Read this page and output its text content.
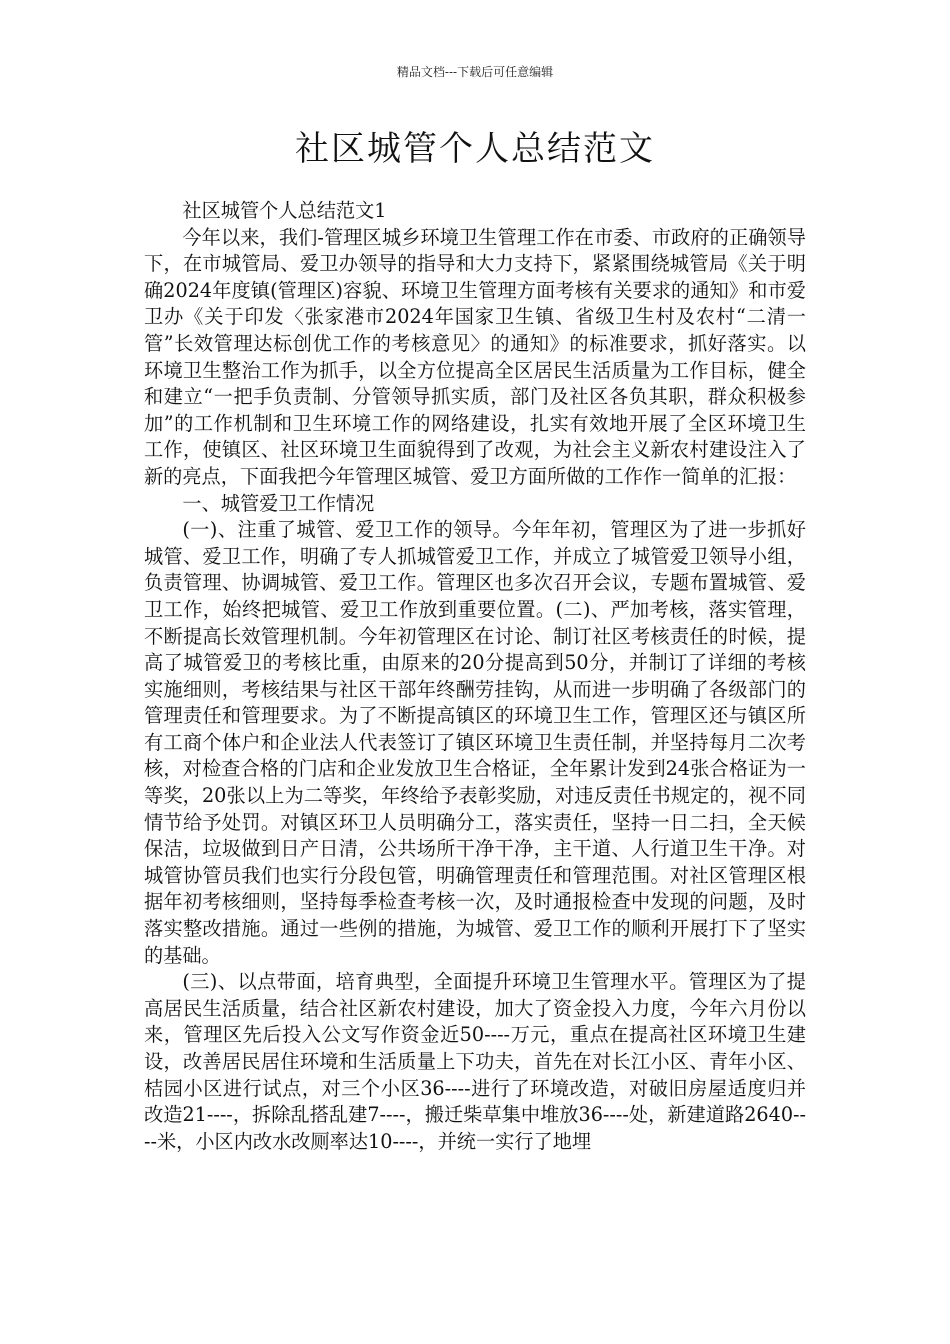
精品文档---下载后可任意编辑
社区城管个人总结范文

社区城管个人总结范文1

今年以来，我们-管理区城乡环境卫生管理工作在市委、市政府的正确领导下，在市城管局、爱卫办领导的指导和大力支持下，紧紧围绕城管局《关于明确2024年度镇(管理区)容貌、环境卫生管理方面考核有关要求的通知》和市爱卫办《关于印发〈张家港市2024年国家卫生镇、省级卫生村及农村“二清一管”长效管理达标创优工作的考核意见〉的通知》的标准要求，抓好落实。以环境卫生整治工作为抓手，以全方位提高全区居民生活质量为工作目标，健全和建立“一把手负责制、分管领导抓实质，部门及社区各负其职，群众积极参加”的工作机制和卫生环境工作的网络建设，扎实有效地开展了全区环境卫生工作，使镇区、社区环境卫生面貌得到了改观，为社会主义新农村建设注入了新的亮点，下面我把今年管理区城管、爱卫方面所做的工作作一简单的汇报：

一、城管爱卫工作情况

(一)、注重了城管、爱卫工作的领导。今年年初，管理区为了进一步抓好城管、爱卫工作，明确了专人抓城管爱卫工作，并成立了城管爱卫领导小组，负责管理、协调城管、爱卫工作。管理区也多次召开会议，专题布置城管、爱卫工作，始终把城管、爱卫工作放到重要位置。(二)、严加考核，落实管理，不断提高长效管理机制。今年初管理区在讨论、制订社区考核责任的时候，提高了城管爱卫的考核比重，由原来的20分提高到50分，并制订了详细的考核实施细则，考核结果与社区干部年终酬劳挂钩，从而进一步明确了各级部门的管理责任和管理要求。为了不断提高镇区的环境卫生工作，管理区还与镇区所有工商个体户和企业法人代表签订了镇区环境卫生责任制，并坚持每月二次考核，对检查合格的门店和企业发放卫生合格证，全年累计发到24张合格证为一等奖，20张以上为二等奖，年终给予表彰奖励，对违反责任书规定的，视不同情节给予处罚。对镇区环卫人员明确分工，落实责任，坚持一日二扫，全天候保洁，垃圾做到日产日清，公共场所干净干净，主干道、人行道卫生干净。对城管协管员我们也实行分段包管，明确管理责任和管理范围。对社区管理区根据年初考核细则，坚持每季检查考核一次，及时通报检查中发现的问题，及时落实整改措施。通过一些例的措施，为城管、爱卫工作的顺利开展打下了坚实的基础。

(三)、以点带面，培育典型，全面提升环境卫生管理水平。管理区为了提高居民生活质量，结合社区新农村建设，加大了资金投入力度，今年六月份以来，管理区先后投入公文写作资金近50----万元，重点在提高社区环境卫生建设，改善居民居住环境和生活质量上下功夫，首先在对长江小区、青年小区、桔园小区进行试点，对三个小区36----进行了环境改造，对破旧房屋适度归并改造21----，拆除乱搭乱建7----，搬迁柴草集中堆放36----处，新建道路2640----米，小区内改水改厕率达10----，并统一实行了地埋
